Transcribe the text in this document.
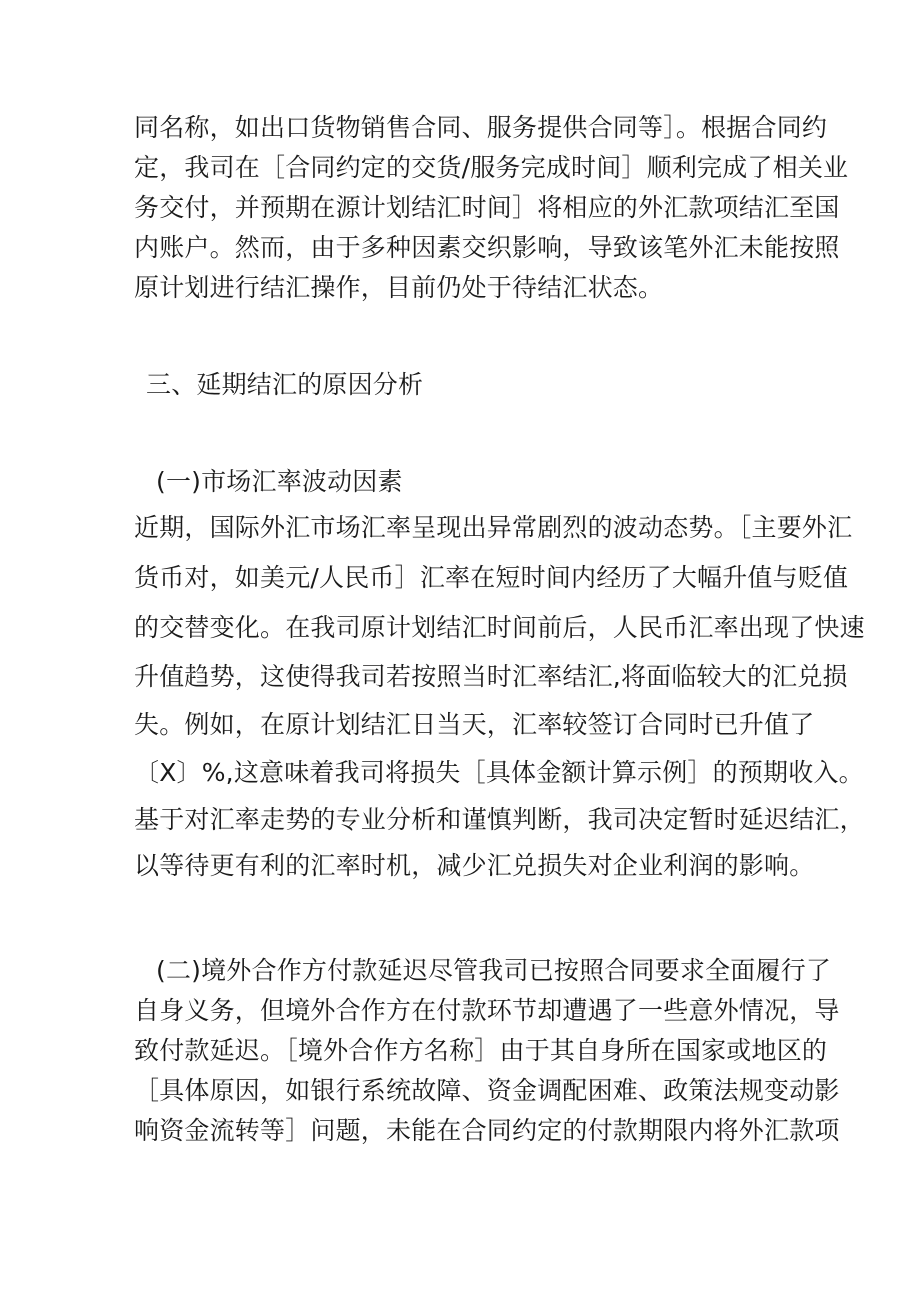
同名称，如出口货物销售合同、服务提供合同等］。根据合同约
定，我司在［合同约定的交货/服务完成时间］顺利完成了相关业
务交付，并预期在源计划结汇时间］将相应的外汇款项结汇至国
内账户。然而，由于多种因素交织影响，导致该笔外汇未能按照
原计划进行结汇操作，目前仍处于待结汇状态。
三、延期结汇的原因分析
(一)市场汇率波动因素
近期，国际外汇市场汇率呈现出异常剧烈的波动态势。［主要外汇
货币对，如美元/人民币］汇率在短时间内经历了大幅升值与贬值
的交替变化。在我司原计划结汇时间前后，人民币汇率出现了快速
升值趋势，这使得我司若按照当时汇率结汇,将面临较大的汇兑损
失。例如，在原计划结汇日当天，汇率较签订合同时已升值了
〔X〕%,这意味着我司将损失［具体金额计算示例］的预期收入。
基于对汇率走势的专业分析和谨慎判断，我司决定暂时延迟结汇，
以等待更有利的汇率时机，减少汇兑损失对企业利润的影响。
(二)境外合作方付款延迟尽管我司已按照合同要求全面履行了
自身义务，但境外合作方在付款环节却遭遇了一些意外情况，导
致付款延迟。［境外合作方名称］由于其自身所在国家或地区的
［具体原因，如银行系统故障、资金调配困难、政策法规变动影
响资金流转等］问题，未能在合同约定的付款期限内将外汇款项
